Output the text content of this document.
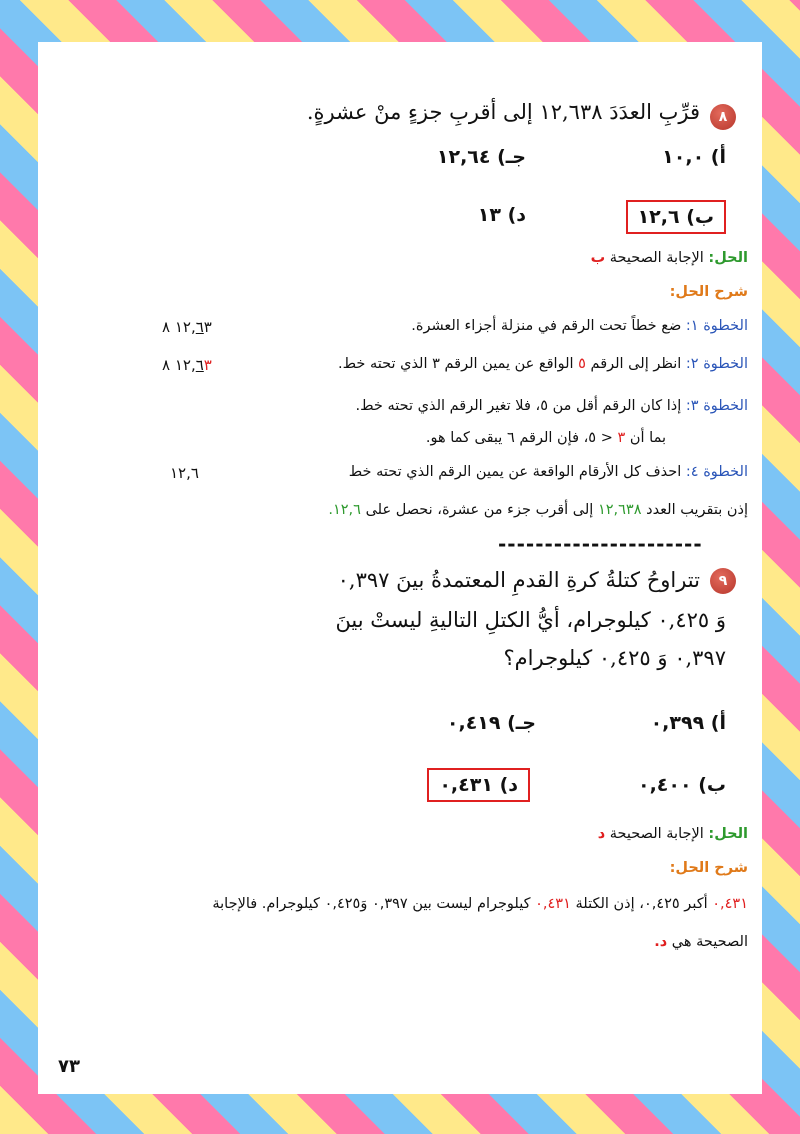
٨
قرِّبِ العدَدَ ١٢,٦٣٨ إلى أقربِ جزءٍ منْ عشرةٍ.
أ) ١٠,٠
جـ) ١٢,٦٤
ب) ١٢,٦
د) ١٣
الحل: الإجابة الصحيحة ب
شرح الحل:
الخطوة ١: ضع خطاً تحت الرقم في منزلة أجزاء العشرة.
١٢,٦٣ ٨
الخطوة ٢: انظر إلى الرقم ٥ الواقع عن يمين الرقم ٣ الذي تحته خط.
١٢,٦٣ ٨
الخطوة ٣: إذا كان الرقم أقل من ٥، فلا تغير الرقم الذي تحته خط.
بما أن ٣ < ٥، فإن الرقم ٦ يبقى كما هو.
الخطوة ٤: احذف كل الأرقام الواقعة عن يمين الرقم الذي تحته خط
١٢,٦
إذن بتقريب العدد ١٢,٦٣٨ إلى أقرب جزء من عشرة، نحصل على ١٢,٦.
----------------------
٩
تتراوحُ كتلةُ كرةِ القدمِ المعتمدةُ بينَ ٠,٣٩٧
وَ ٠,٤٢٥ كيلوجرام، أيُّ الكتلِ التاليةِ ليستْ بينَ
٠,٣٩٧ وَ ٠,٤٢٥ كيلوجرام؟
أ) ٠,٣٩٩
جـ) ٠,٤١٩
ب) ٠,٤٠٠
د) ٠,٤٣١
الحل: الإجابة الصحيحة د
شرح الحل:
٠,٤٣١ أكبر ٠,٤٢٥، إذن الكتلة ٠,٤٣١ كيلوجرام ليست بين ٠,٣٩٧ وَ٠,٤٢٥ كيلوجرام. فالإجابة
الصحيحة هي د.
٧٣
